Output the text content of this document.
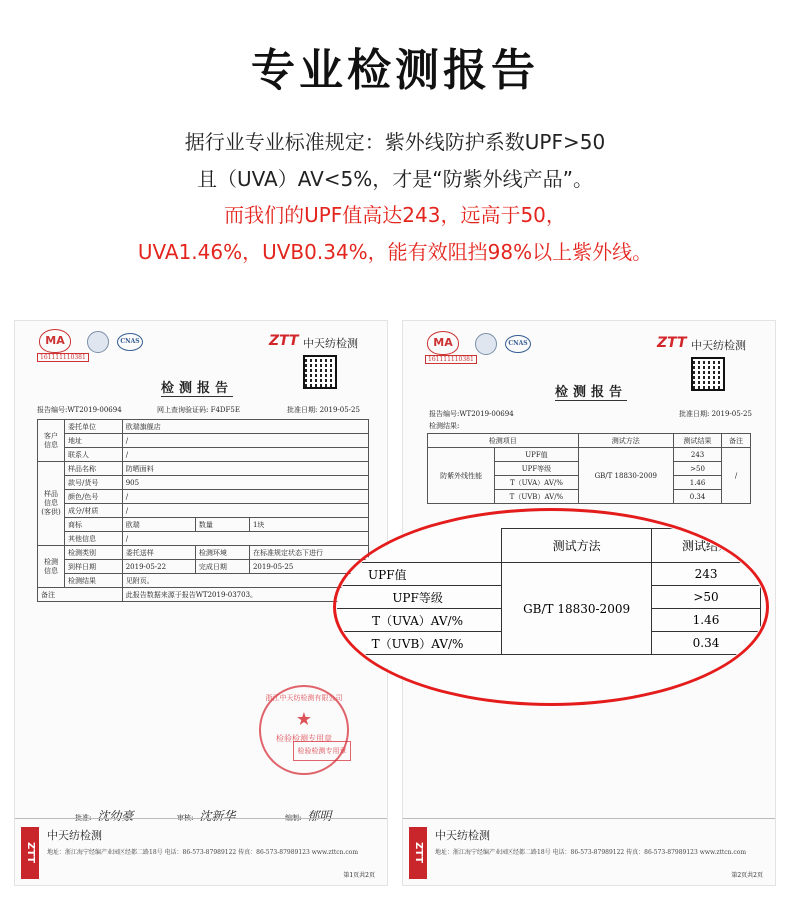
专业检测报告
据行业专业标准规定：紫外线防护系数UPF>50
且（UVA）AV<5%，才是“防紫外线产品”。
而我们的UPF值高达243，远高于50，
UVA1.46%，UVB0.34%，能有效阻挡98%以上紫外线。
MA
161111110381
CNAS	ZTT 中天纺检测
检测报告
报告编号:WT2019-00694	网上查询验证码: F4DF5E	批准日期: 2019-05-25
客户信息	委托单位	欧瑞旗舰店		
	地址	/		
	联系人	/		
样品信息(客供)	样品名称	防晒面料		
	款号/货号	905		
	颜色/色号	/		
	成分/材质	/		
	商标	欧瑞	数量	1块
	其他信息	/		
检测信息	检测类别	委托送样	检测环境	在标准规定状态下进行
	到样日期	2019-05-22	完成日期	2019-05-25
	检测结果	见附页。		
备注		此报告数据来源于报告WT2019-03703。		
浙江中天纺检测有限公司
★
检验检测专用章
检验检测专用章
批准: 沈幼豪	审核: 沈新华	编制: 郁明
ZTT
中天纺检测
地址：浙江海宁经编产业园区经都二路18号 电话：86-573-87989122 传真：86-573-87989123 www.zttcn.com
第1页共2页
MA
161111110381
CNAS	ZTT 中天纺检测
检测报告
报告编号:WT2019-00694	批准日期: 2019-05-25
检测结果:
检测项目		测试方法	测试结果	备注
防紫外线性能	UPF值	GB/T 18830-2009	243	/
	UPF等级		>50	
	T（UVA）AV/%		1.46	
	T（UVB）AV/%		0.34	
ZTT
中天纺检测
地址：浙江海宁经编产业园区经都二路18号 电话：86-573-87989122 传真：86-573-87989123 www.zttcn.com
第2页共2页
	测试方法	测试结果
UPF值	GB/T 18830-2009	243
UPF等级		>50
T（UVA）AV/%		1.46
T（UVB）AV/%		0.34
